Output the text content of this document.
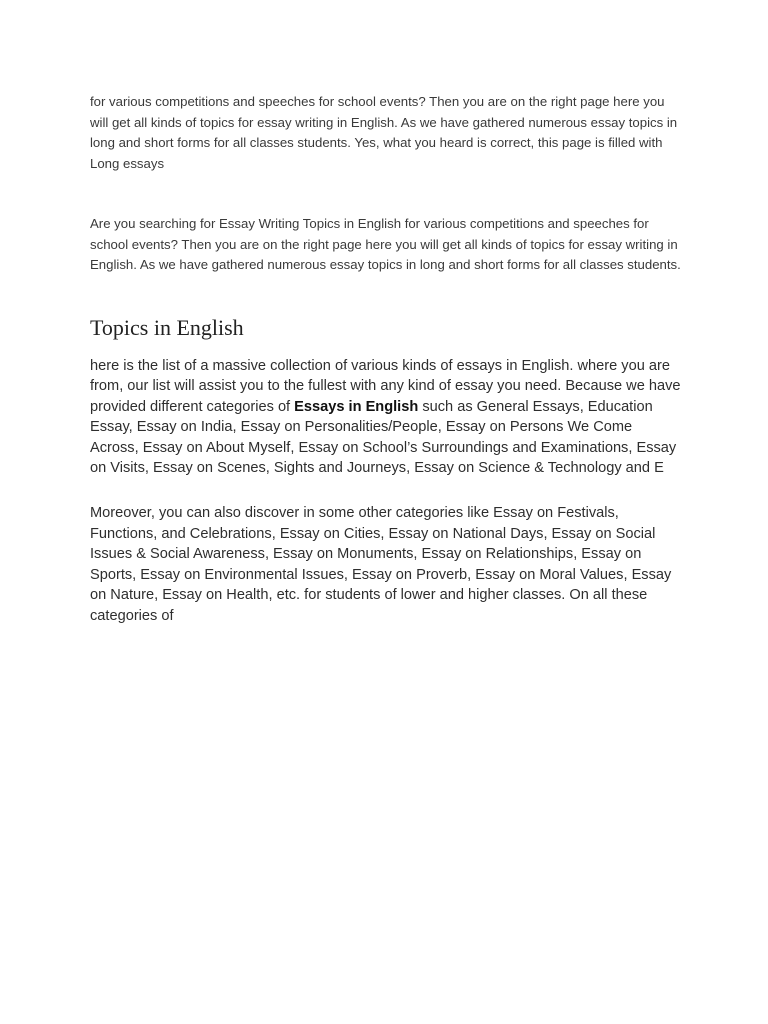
for various competitions and speeches for school events? Then you are on the right page here you will get all kinds of topics for essay writing in English. As we have gathered numerous essay topics in long and short forms for all classes students. Yes, what you heard is correct, this page is filled with Long essays

Are you searching for Essay Writing Topics in English for various competitions and speeches for school events? Then you are on the right page here you will get all kinds of topics for essay writing in English. As we have gathered numerous essay topics in long and short forms for all classes students.

Topics in English

here is the list of a massive collection of various kinds of essays in English. where you are from, our list will assist you to the fullest with any kind of essay you need. Because we have provided different categories of Essays in English such as General Essays, Education Essay, Essay on India, Essay on Personalities/People, Essay on Persons We Come Across, Essay on About Myself, Essay on School’s Surroundings and Examinations, Essay on Visits, Essay on Scenes, Sights and Journeys, Essay on Science & Technology and E

Moreover, you can also discover in some other categories like Essay on Festivals, Functions, and Celebrations, Essay on Cities, Essay on National Days, Essay on Social Issues & Social Awareness, Essay on Monuments, Essay on Relationships, Essay on Sports, Essay on Environmental Issues, Essay on Proverb, Essay on Moral Values, Essay on Nature, Essay on Health, etc. for students of lower and higher classes. On all these categories of
